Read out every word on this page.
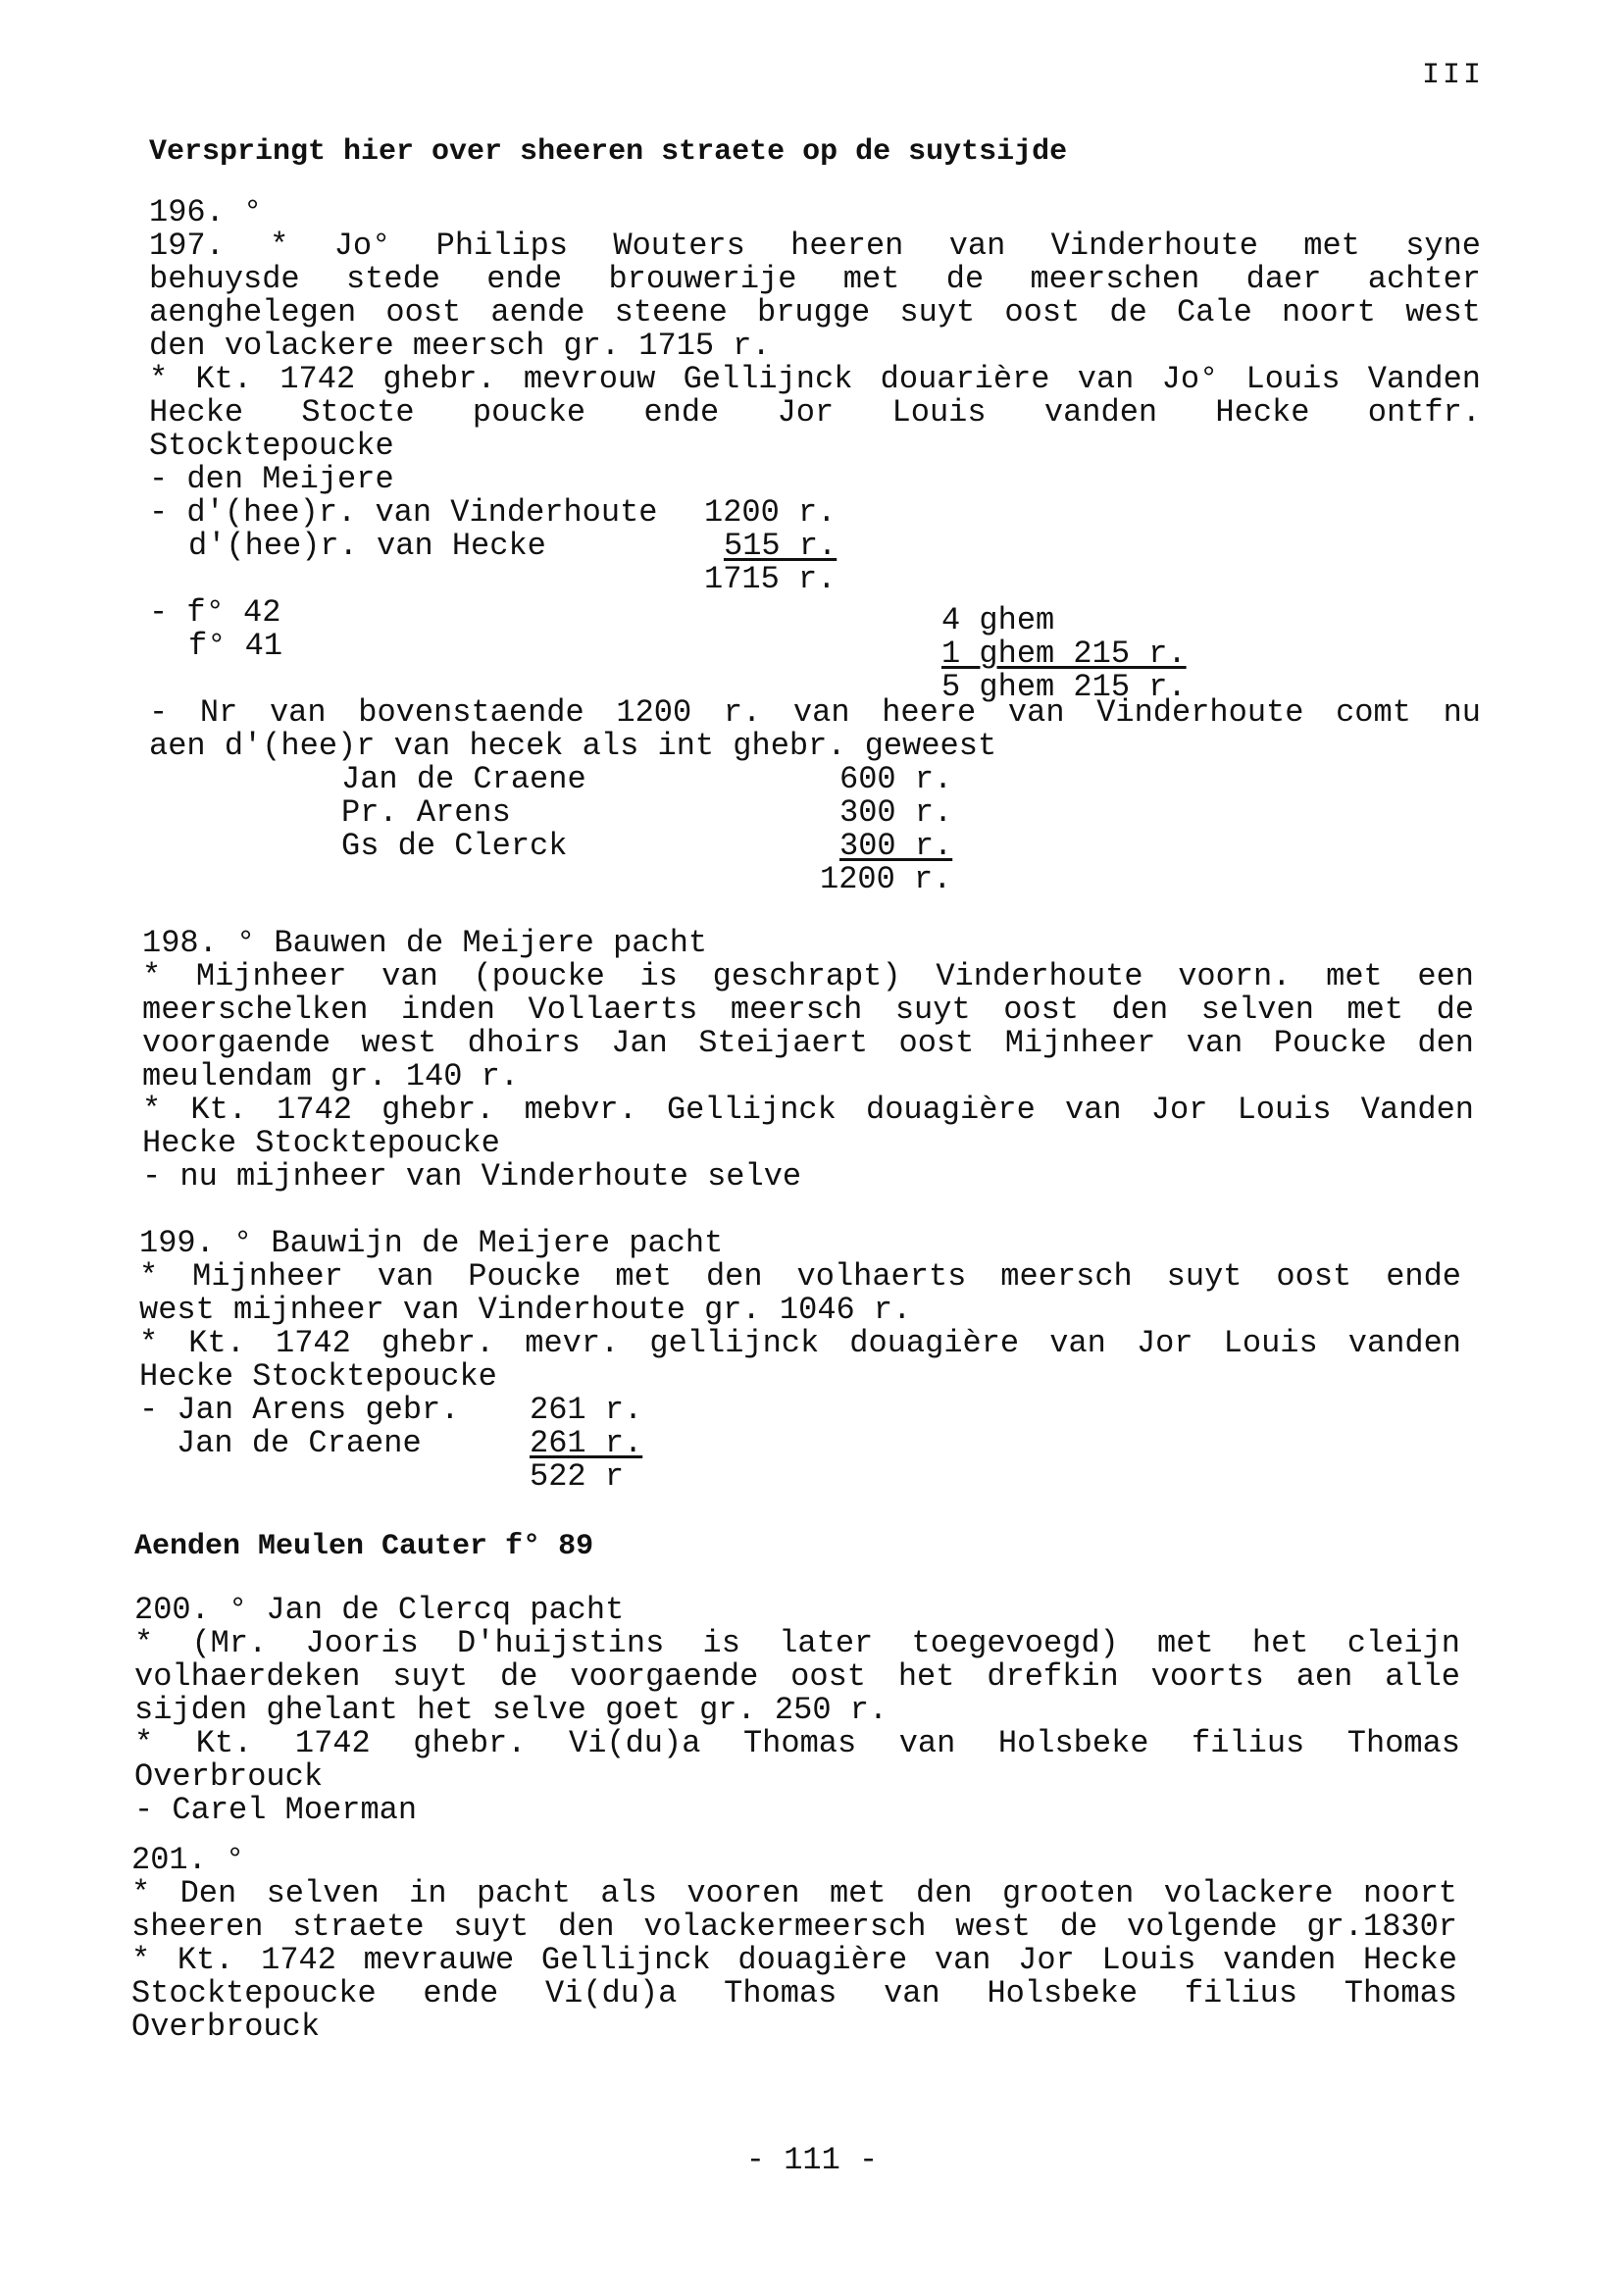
III
Verspringt hier over sheeren straete op de suytsijde
196. °
197. * Jo° Philips Wouters heeren van Vinderhoute met syne
behuysde stede ende brouwerije met de meerschen daer achter
aenghelegen oost aende steene brugge suyt oost de Cale noort west
den volackere meersch gr. 1715 r.
* Kt. 1742 ghebr. mevrouw Gellijnck douarière van Jo° Louis Vanden
Hecke Stocte poucke ende Jor Louis vanden Hecke ontfr.
Stocktepoucke
- den Meijere
- d'(hee)r. van Vinderhoute 1200 r.
d'(hee)r. van Hecke	515 r.
1715 r.
- f° 42	4 ghem
f° 41	1 ghem 215 r.
5 ghem 215 r.
- Nr van bovenstaende 1200 r. van heere van Vinderhoute comt nu
aen d'(hee)r van hecek als int ghebr. geweest
Jan de Craene	600 r.
Pr. Arens	300 r.
Gs de Clerck	300 r.
1200 r.
198. ° Bauwen de Meijere pacht
* Mijnheer van (poucke is geschrapt) Vinderhoute voorn. met een
meerschelken inden Vollaerts meersch suyt oost den selven met de
voorgaende west dhoirs Jan Steijaert oost Mijnheer van Poucke den
meulendam gr. 140 r.
* Kt. 1742 ghebr. mebvr. Gellijnck douagière van Jor Louis Vanden
Hecke Stocktepoucke
- nu mijnheer van Vinderhoute selve
199. ° Bauwijn de Meijere pacht
* Mijnheer van Poucke met den volhaerts meersch suyt oost ende
west mijnheer van Vinderhoute gr. 1046 r.
* Kt. 1742 ghebr. mevr. gellijnck douagière van Jor Louis vanden
Hecke Stocktepoucke
- Jan Arens gebr. 261 r.
Jan de Craene	261 r.
522 r
Aenden Meulen Cauter f° 89
200. ° Jan de Clercq pacht
* (Mr. Jooris D'huijstins is later toegevoegd) met het cleijn
volhaerdeken suyt de voorgaende oost het drefkin voorts aen alle
sijden ghelant het selve goet gr. 250 r.
* Kt. 1742 ghebr. Vi(du)a Thomas van Holsbeke filius Thomas
Overbrouck
- Carel Moerman
201. °
* Den selven in pacht als vooren met den grooten volackere noort
sheeren straete suyt den volackermeersch west de volgende gr.1830r
* Kt. 1742 mevrauwe Gellijnck douagière van Jor Louis vanden Hecke
Stocktepoucke ende Vi(du)a Thomas van Holsbeke filius Thomas
Overbrouck
- 111 -
